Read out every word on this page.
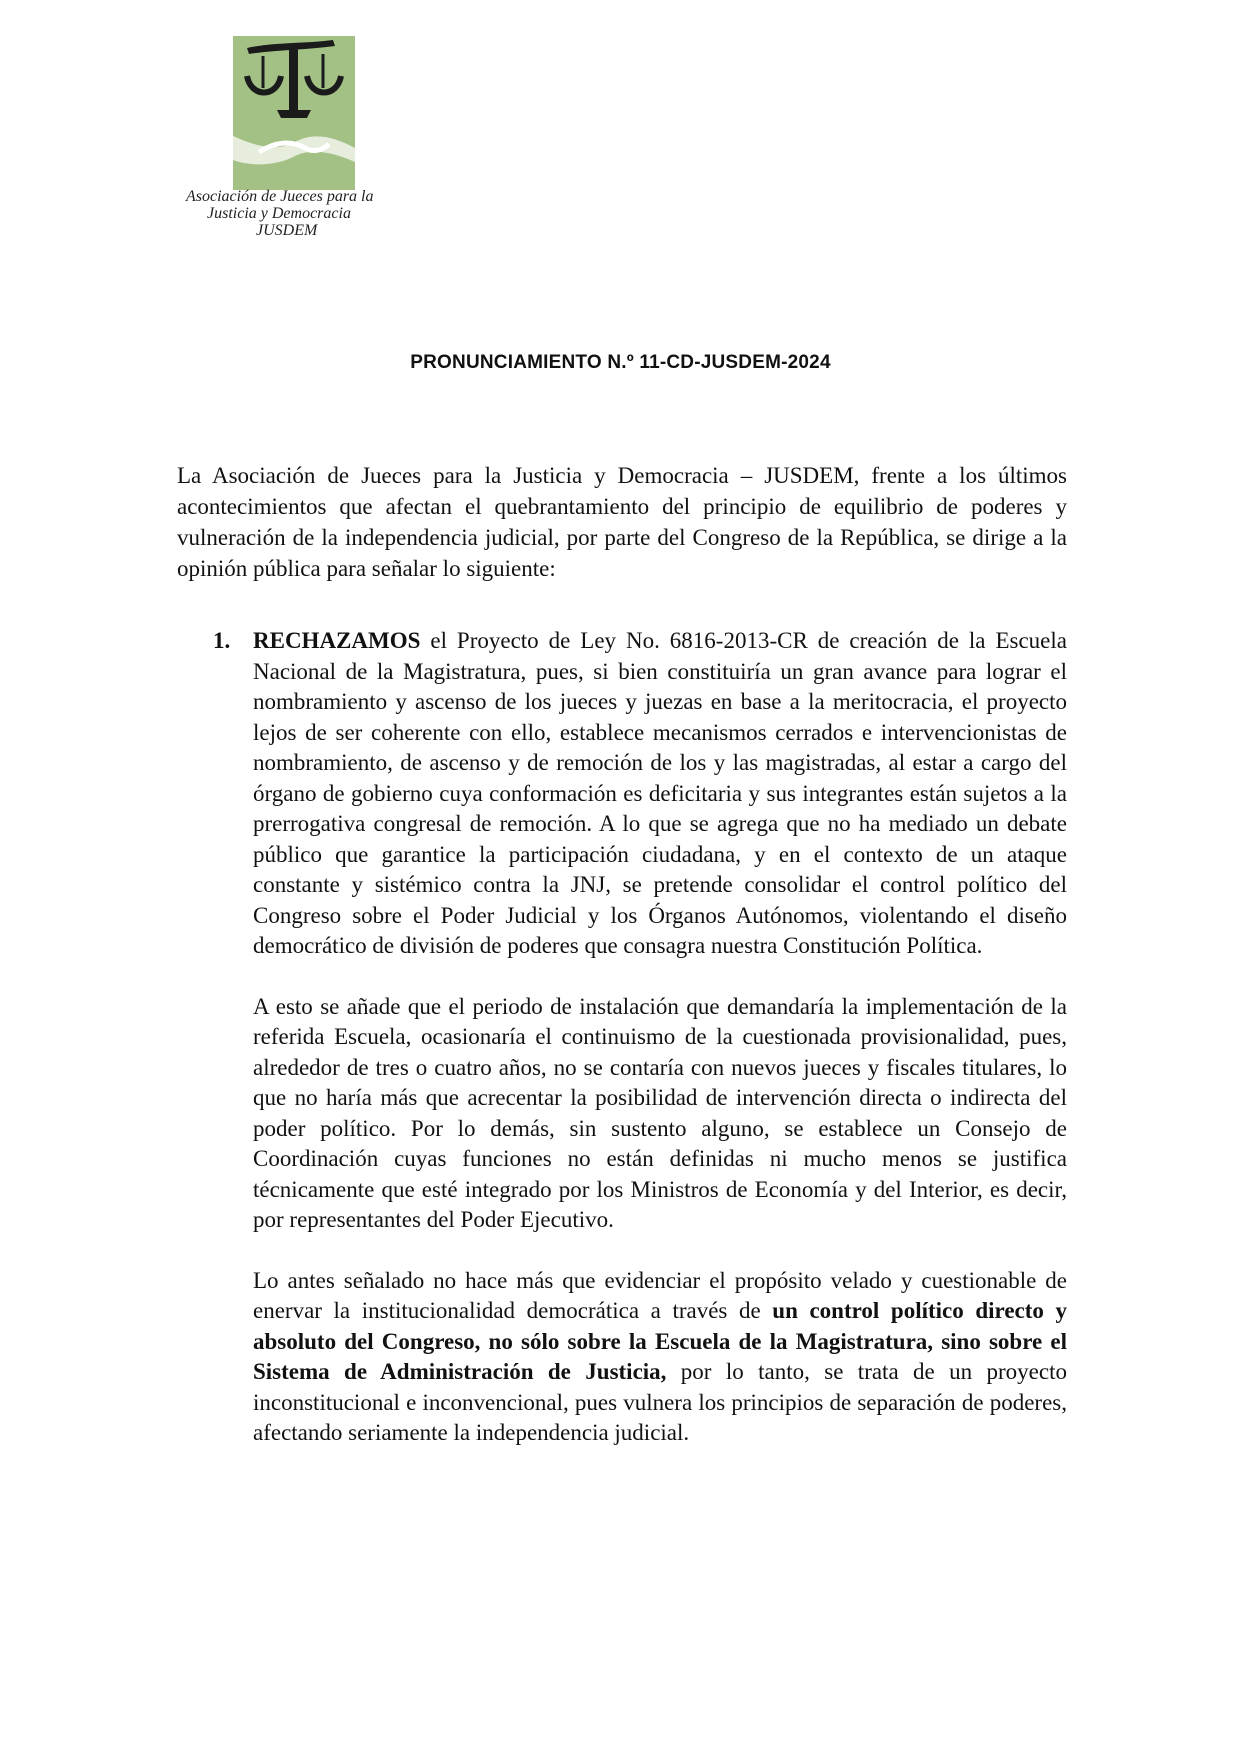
Asociación de Jueces para la
Justicia y Democracia
JUSDEM
PRONUNCIAMIENTO N.º 11-CD-JUSDEM-2024

La Asociación de Jueces para la Justicia y Democracia – JUSDEM, frente a los últimos acontecimientos que afectan el quebrantamiento del principio de equilibrio de poderes y vulneración de la independencia judicial, por parte del Congreso de la República, se dirige a la opinión pública para señalar lo siguiente:

1. RECHAZAMOS el Proyecto de Ley No. 6816-2013-CR de creación de la Escuela Nacional de la Magistratura, pues, si bien constituiría un gran avance para lograr el nombramiento y ascenso de los jueces y juezas en base a la meritocracia, el proyecto lejos de ser coherente con ello, establece mecanismos cerrados e intervencionistas de nombramiento, de ascenso y de remoción de los y las magistradas, al estar a cargo del órgano de gobierno cuya conformación es deficitaria y sus integrantes están sujetos a la prerrogativa congresal de remoción. A lo que se agrega que no ha mediado un debate público que garantice la participación ciudadana, y en el contexto de un ataque constante y sistémico contra la JNJ, se pretende consolidar el control político del Congreso sobre el Poder Judicial y los Órganos Autónomos, violentando el diseño democrático de división de poderes que consagra nuestra Constitución Política.

A esto se añade que el periodo de instalación que demandaría la implementación de la referida Escuela, ocasionaría el continuismo de la cuestionada provisionalidad, pues, alrededor de tres o cuatro años, no se contaría con nuevos jueces y fiscales titulares, lo que no haría más que acrecentar la posibilidad de intervención directa o indirecta del poder político. Por lo demás, sin sustento alguno, se establece un Consejo de Coordinación cuyas funciones no están definidas ni mucho menos se justifica técnicamente que esté integrado por los Ministros de Economía y del Interior, es decir, por representantes del Poder Ejecutivo.

Lo antes señalado no hace más que evidenciar el propósito velado y cuestionable de enervar la institucionalidad democrática a través de un control político directo y absoluto del Congreso, no sólo sobre la Escuela de la Magistratura, sino sobre el Sistema de Administración de Justicia, por lo tanto, se trata de un proyecto inconstitucional e inconvencional, pues vulnera los principios de separación de poderes, afectando seriamente la independencia judicial.
